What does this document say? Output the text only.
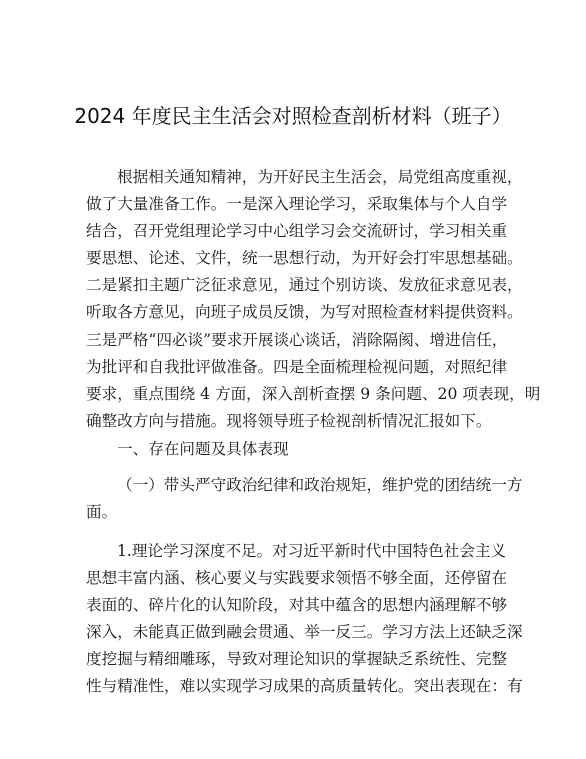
2024 年度民主生活会对照检查剖析材料（班子）
根据相关通知精神，为开好民主生活会，局党组高度重视，
做了大量准备工作。一是深入理论学习，采取集体与个人自学
结合，召开党组理论学习中心组学习会交流研讨，学习相关重
要思想、论述、文件，统一思想行动，为开好会打牢思想基础。
二是紧扣主题广泛征求意见，通过个别访谈、发放征求意见表，
听取各方意见，向班子成员反馈，为写对照检查材料提供资料。
三是严格“四必谈”要求开展谈心谈话，消除隔阂、增进信任，
为批评和自我批评做准备。四是全面梳理检视问题，对照纪律
要求，重点围绕 4 方面，深入剖析查摆 9 条问题、20 项表现，明
确整改方向与措施。现将领导班子检视剖析情况汇报如下。
一、存在问题及具体表现
（一）带头严守政治纪律和政治规矩，维护党的团结统一方
面。
1.理论学习深度不足。对习近平新时代中国特色社会主义
思想丰富内涵、核心要义与实践要求领悟不够全面，还停留在
表面的、碎片化的认知阶段，对其中蕴含的思想内涵理解不够
深入，未能真正做到融会贯通、举一反三。学习方法上还缺乏深
度挖掘与精细雕琢，导致对理论知识的掌握缺乏系统性、完整
性与精准性，难以实现学习成果的高质量转化。突出表现在：有
